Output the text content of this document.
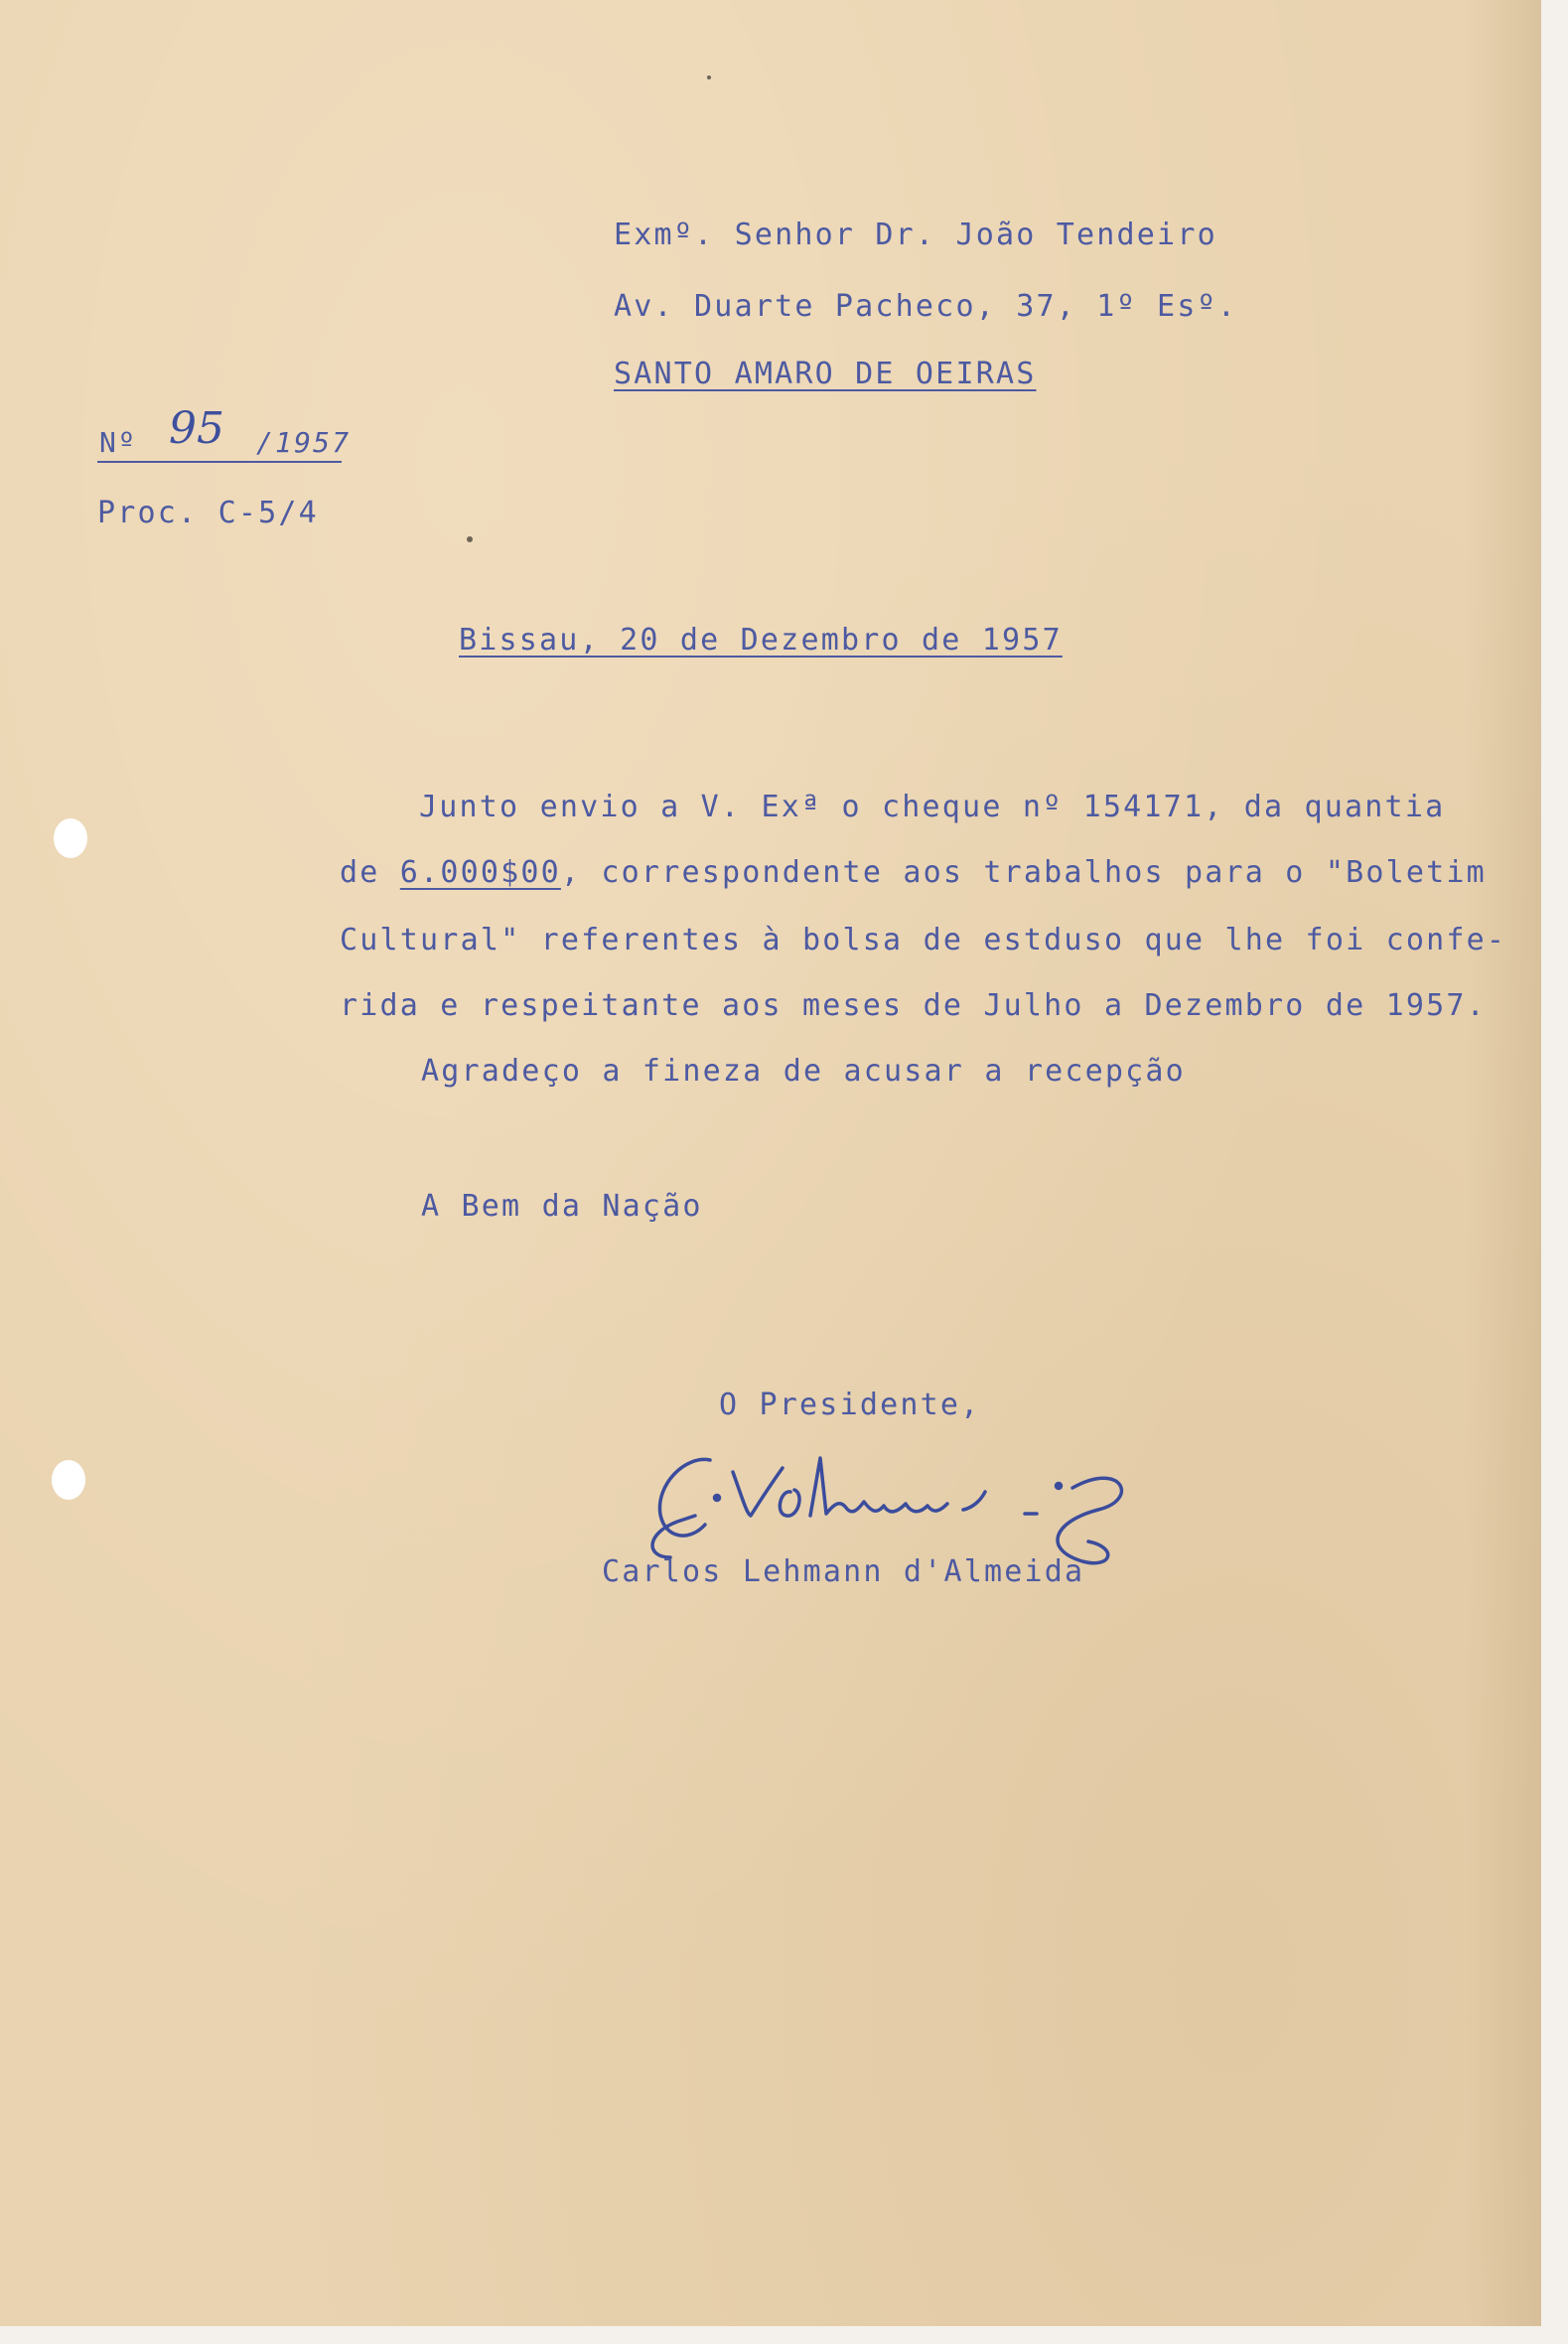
Exmº. Senhor Dr. João Tendeiro
Av. Duarte Pacheco, 37, 1º Esº.
SANTO AMARO DE OEIRAS
Nº 95 /1957
Proc. C-5/4
Bissau, 20 de Dezembro de 1957
Junto envio a V. Exª o cheque nº 154171, da quantia
de 6.000$00, correspondente aos trabalhos para o "Boletim
Cultural" referentes à bolsa de estduso que lhe foi confe-
rida e respeitante aos meses de Julho a Dezembro de 1957.
Agradeço a fineza de acusar a recepção
A Bem da Nação
O Presidente,
Carlos Lehmann d'Almeida
